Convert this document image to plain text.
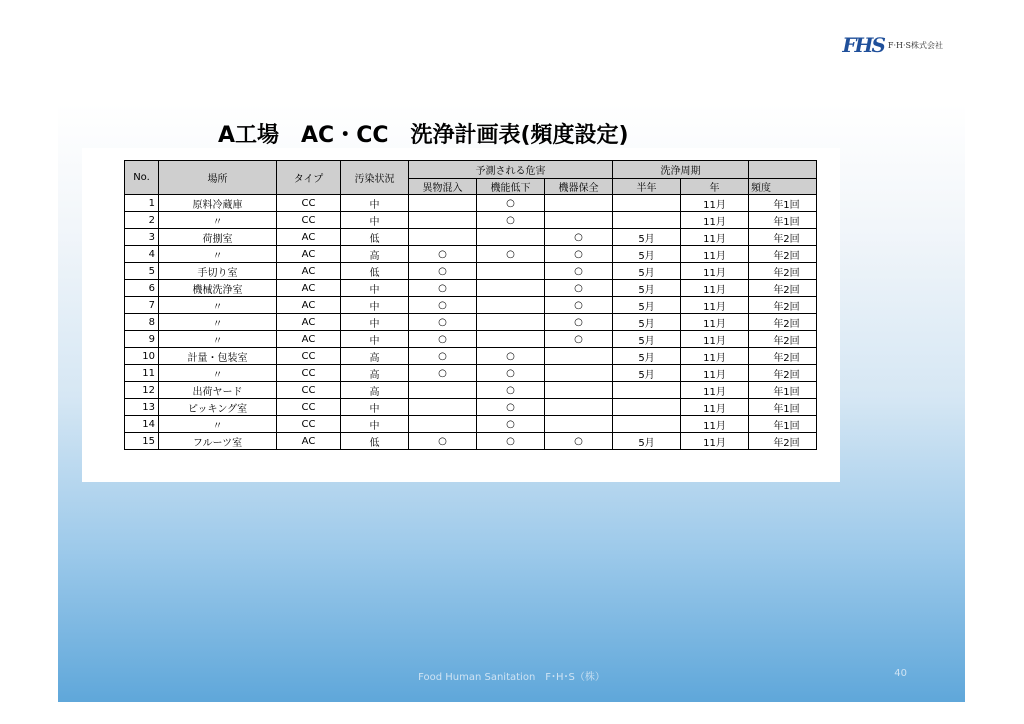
FHS F·H·S株式会社
Food Human Sanitation　F･H･S（株）	40
A工場　AC・CC　洗浄計画表(頻度設定)
No.	場所	タイプ	汚染状況	予測される危害			洗浄周期		
				異物混入	機能低下	機器保全	半年	年	頻度
1	原料冷蔵庫	CC	中		○			11月	年1回
2	〃	CC	中		○			11月	年1回
3	荷捌室	AC	低			○	5月	11月	年2回
4	〃	AC	高	○	○	○	5月	11月	年2回
5	手切り室	AC	低	○		○	5月	11月	年2回
6	機械洗浄室	AC	中	○		○	5月	11月	年2回
7	〃	AC	中	○		○	5月	11月	年2回
8	〃	AC	中	○		○	5月	11月	年2回
9	〃	AC	中	○		○	5月	11月	年2回
10	計量・包装室	CC	高	○	○		5月	11月	年2回
11	〃	CC	高	○	○		5月	11月	年2回
12	出荷ヤード	CC	高		○			11月	年1回
13	ピッキング室	CC	中		○			11月	年1回
14	〃	CC	中		○			11月	年1回
15	フルーツ室	AC	低	○	○	○	5月	11月	年2回
